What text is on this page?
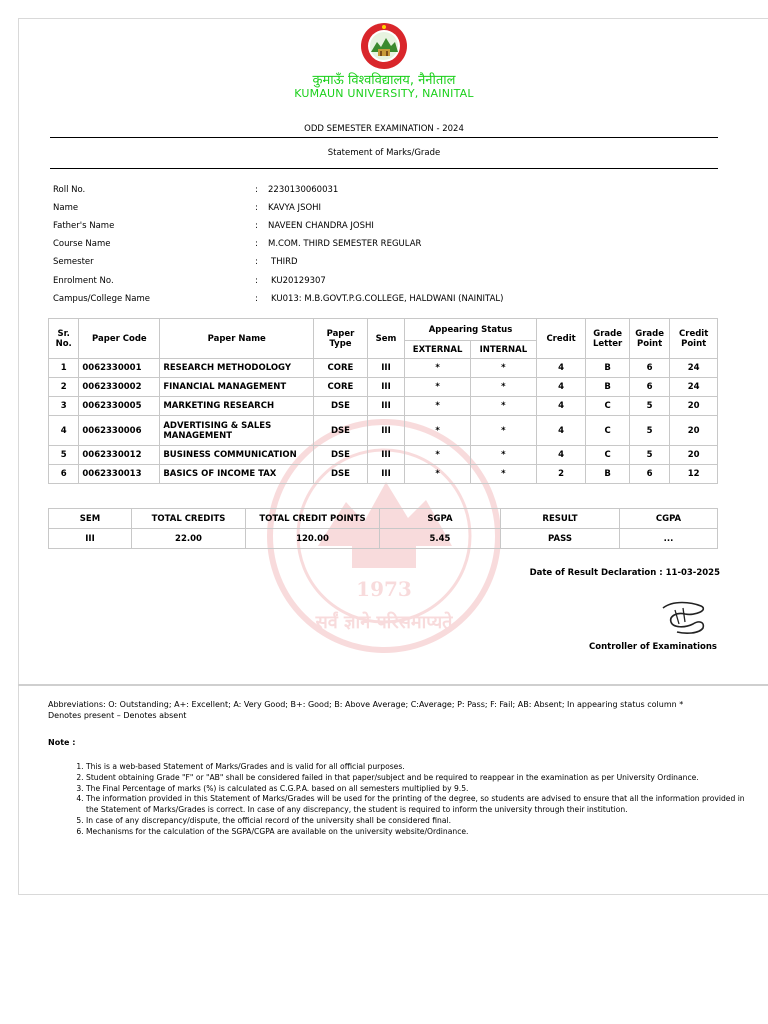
कुमाऊँ विश्वविद्यालय, नैनीताल
KUMAUN UNIVERSITY, NAINITAL
ODD SEMESTER EXAMINATION - 2024
Statement of Marks/Grade
Roll No.	: 2230130060031
Name	: KAVYA JSOHI
Father's Name	: NAVEEN CHANDRA JOSHI
Course Name	: M.COM. THIRD SEMESTER REGULAR
Semester	: THIRD
Enrolment No.	: KU20129307
Campus/College Name	: KU013: M.B.GOVT.P.G.COLLEGE, HALDWANI (NAINITAL)
1973
सर्वं ज्ञाने परिसमाप्यते
Sr. No.	Paper Code	Paper Name	Paper Type	Sem	Appearing Status		Credit	Grade Letter	Grade Point	Credit Point
					EXTERNAL	INTERNAL				
1	0062330001	RESEARCH METHODOLOGY	CORE	III	*	*	4	B	6	24
2	0062330002	FINANCIAL MANAGEMENT	CORE	III	*	*	4	B	6	24
3	0062330005	MARKETING RESEARCH	DSE	III	*	*	4	C	5	20
4	0062330006	ADVERTISING & SALES MANAGEMENT	DSE	III	*	*	4	C	5	20
5	0062330012	BUSINESS COMMUNICATION	DSE	III	*	*	4	C	5	20
6	0062330013	BASICS OF INCOME TAX	DSE	III	*	*	2	B	6	12
SEM	TOTAL CREDITS	TOTAL CREDIT POINTS	SGPA	RESULT	CGPA
III	22.00	120.00	5.45	PASS	...
Date of Result Declaration : 11-03-2025
Controller of Examinations
Abbreviations: O: Outstanding; A+: Excellent; A: Very Good; B+: Good; B: Above Average; C:Average; P: Pass; F: Fail; AB: Absent; In appearing status column * Denotes present – Denotes absent
Note :
1. This is a web-based Statement of Marks/Grades and is valid for all official purposes.
2. Student obtaining Grade "F" or "AB" shall be considered failed in that paper/subject and be required to reappear in the examination as per University Ordinance.
3. The Final Percentage of marks (%) is calculated as C.G.P.A. based on all semesters multiplied by 9.5.
4. The information provided in this Statement of Marks/Grades will be used for the printing of the degree, so students are advised to ensure that all the information provided in the Statement of Marks/Grades is correct. In case of any discrepancy, the student is required to inform the university through their institution.
5. In case of any discrepancy/dispute, the official record of the university shall be considered final.
6. Mechanisms for the calculation of the SGPA/CGPA are available on the university website/Ordinance.
